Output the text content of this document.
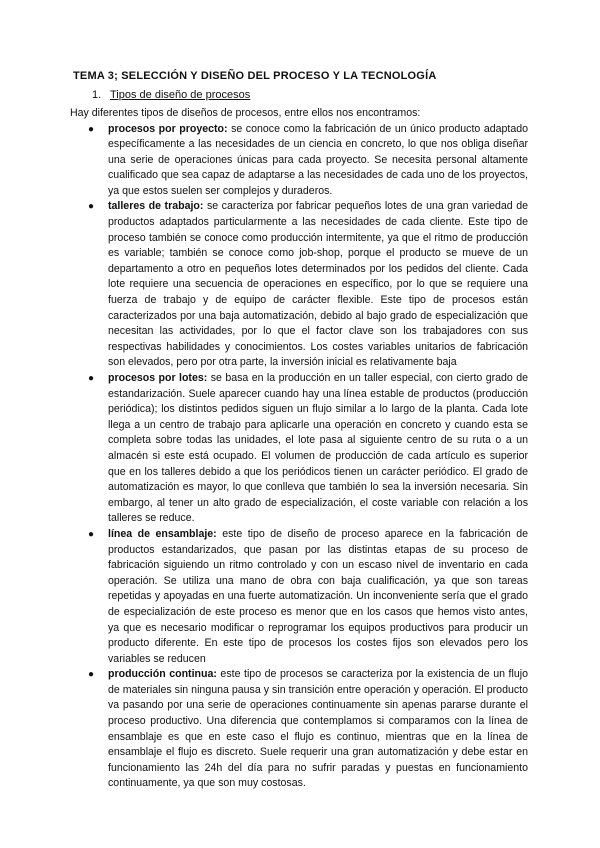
TEMA 3; SELECCIÓN Y DISEÑO DEL PROCESO Y LA TECNOLOGÍA
1. Tipos de diseño de procesos
Hay diferentes tipos de diseños de procesos, entre ellos nos encontramos:
● procesos por proyecto: se conoce como la fabricación de un único producto adaptado específicamente a las necesidades de un ciencia en concreto, lo que nos obliga diseñar una serie de operaciones únicas para cada proyecto. Se necesita personal altamente cualificado que sea capaz de adaptarse a las necesidades de cada uno de los proyectos, ya que estos suelen ser complejos y duraderos.
● talleres de trabajo: se caracteriza por fabricar pequeños lotes de una gran variedad de productos adaptados particularmente a las necesidades de cada cliente. Este tipo de proceso también se conoce como producción intermitente, ya que el ritmo de producción es variable; también se conoce como job-shop, porque el producto se mueve de un departamento a otro en pequeños lotes determinados por los pedidos del cliente. Cada lote requiere una secuencia de operaciones en específico, por lo que se requiere una fuerza de trabajo y de equipo de carácter flexible. Este tipo de procesos están caracterizados por una baja automatización, debido al bajo grado de especialización que necesitan las actividades, por lo que el factor clave son los trabajadores con sus respectivas habilidades y conocimientos. Los costes variables unitarios de fabricación son elevados, pero por otra parte, la inversión inicial es relativamente baja
● procesos por lotes: se basa en la producción en un taller especial, con cierto grado de estandarización. Suele aparecer cuando hay una línea estable de productos (producción periódica); los distintos pedidos siguen un flujo similar a lo largo de la planta. Cada lote llega a un centro de trabajo para aplicarle una operación en concreto y cuando esta se completa sobre todas las unidades, el lote pasa al siguiente centro de su ruta o a un almacén si este está ocupado. El volumen de producción de cada artículo es superior que en los talleres debido a que los periódicos tienen un carácter periódico. El grado de automatización es mayor, lo que conlleva que también lo sea la inversión necesaria. Sin embargo, al tener un alto grado de especialización, el coste variable con relación a los talleres se reduce.
● línea de ensamblaje: este tipo de diseño de proceso aparece en la fabricación de productos estandarizados, que pasan por las distintas etapas de su proceso de fabricación siguiendo un ritmo controlado y con un escaso nivel de inventario en cada operación. Se utiliza una mano de obra con baja cualificación, ya que son tareas repetidas y apoyadas en una fuerte automatización. Un inconveniente sería que el grado de especialización de este proceso es menor que en los casos que hemos visto antes, ya que es necesario modificar o reprogramar los equipos productivos para producir un producto diferente. En este tipo de procesos los costes fijos son elevados pero los variables se reducen
● producción continua: este tipo de procesos se caracteriza por la existencia de un flujo de materiales sin ninguna pausa y sin transición entre operación y operación. El producto va pasando por una serie de operaciones continuamente sin apenas pararse durante el proceso productivo. Una diferencia que contemplamos si comparamos con la línea de ensamblaje es que en este caso el flujo es continuo, mientras que en la línea de ensamblaje el flujo es discreto. Suele requerir una gran automatización y debe estar en funcionamiento las 24h del día para no sufrir paradas y puestas en funcionamiento continuamente, ya que son muy costosas.
